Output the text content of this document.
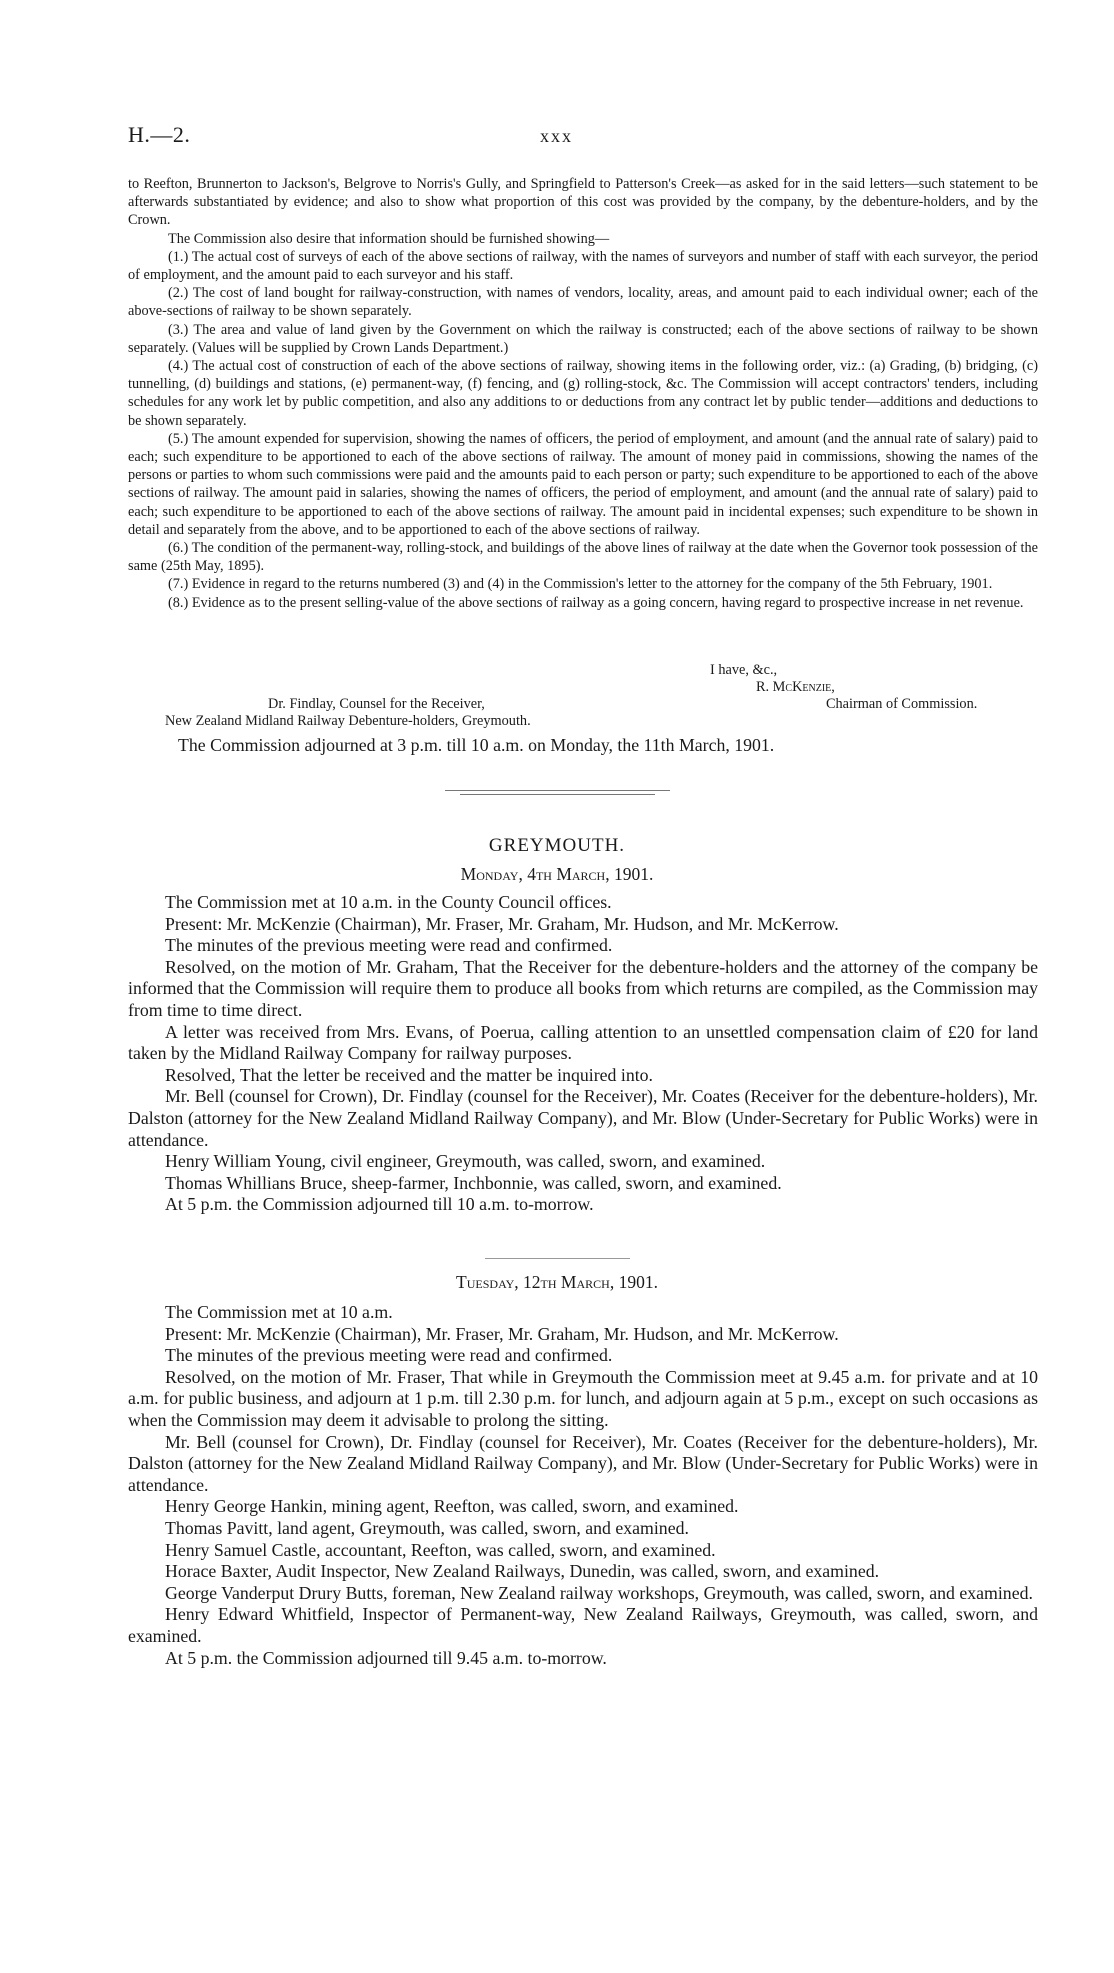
H.—2.	xxx

to Reefton, Brunnerton to Jackson's, Belgrove to Norris's Gully, and Springfield to Patterson's Creek—as asked for in the said letters—such statement to be afterwards substantiated by evidence; and also to show what proportion of this cost was provided by the company, by the debenture-holders, and by the Crown.

The Commission also desire that information should be furnished showing—

(1.) The actual cost of surveys of each of the above sections of railway, with the names of surveyors and number of staff with each surveyor, the period of employment, and the amount paid to each surveyor and his staff.

(2.) The cost of land bought for railway-construction, with names of vendors, locality, areas, and amount paid to each individual owner; each of the above-sections of railway to be shown separately.

(3.) The area and value of land given by the Government on which the railway is constructed; each of the above sections of railway to be shown separately. (Values will be supplied by Crown Lands Department.)

(4.) The actual cost of construction of each of the above sections of railway, showing items in the following order, viz.: (a) Grading, (b) bridging, (c) tunnelling, (d) buildings and stations, (e) permanent-way, (f) fencing, and (g) rolling-stock, &c. The Commission will accept contractors' tenders, including schedules for any work let by public competition, and also any additions to or deductions from any contract let by public tender—additions and deductions to be shown separately.

(5.) The amount expended for supervision, showing the names of officers, the period of employment, and amount (and the annual rate of salary) paid to each; such expenditure to be apportioned to each of the above sections of railway. The amount of money paid in commissions, showing the names of the persons or parties to whom such commissions were paid and the amounts paid to each person or party; such expenditure to be apportioned to each of the above sections of railway. The amount paid in salaries, showing the names of officers, the period of employment, and amount (and the annual rate of salary) paid to each; such expenditure to be apportioned to each of the above sections of railway. The amount paid in incidental expenses; such expenditure to be shown in detail and separately from the above, and to be apportioned to each of the above sections of railway.

(6.) The condition of the permanent-way, rolling-stock, and buildings of the above lines of railway at the date when the Governor took possession of the same (25th May, 1895).

(7.) Evidence in regard to the returns numbered (3) and (4) in the Commission's letter to the attorney for the company of the 5th February, 1901.

(8.) Evidence as to the present selling-value of the above sections of railway as a going concern, having regard to prospective increase in net revenue.

I have, &c.,
R. McKenzie,
Dr. Findlay, Counsel for the Receiver,	Chairman of Commission.
New Zealand Midland Railway Debenture-holders, Greymouth.
The Commission adjourned at 3 p.m. till 10 a.m. on Monday, the 11th March, 1901.
GREYMOUTH.
Monday, 4th March, 1901.

The Commission met at 10 a.m. in the County Council offices.

Present: Mr. McKenzie (Chairman), Mr. Fraser, Mr. Graham, Mr. Hudson, and Mr. McKerrow.

The minutes of the previous meeting were read and confirmed.

Resolved, on the motion of Mr. Graham, That the Receiver for the debenture-holders and the attorney of the company be informed that the Commission will require them to produce all books from which returns are compiled, as the Commission may from time to time direct.

A letter was received from Mrs. Evans, of Poerua, calling attention to an unsettled compensation claim of £20 for land taken by the Midland Railway Company for railway purposes.

Resolved, That the letter be received and the matter be inquired into.

Mr. Bell (counsel for Crown), Dr. Findlay (counsel for the Receiver), Mr. Coates (Receiver for the debenture-holders), Mr. Dalston (attorney for the New Zealand Midland Railway Company), and Mr. Blow (Under-Secretary for Public Works) were in attendance.

Henry William Young, civil engineer, Greymouth, was called, sworn, and examined.

Thomas Whillians Bruce, sheep-farmer, Inchbonnie, was called, sworn, and examined.

At 5 p.m. the Commission adjourned till 10 a.m. to-morrow.

Tuesday, 12th March, 1901.

The Commission met at 10 a.m.

Present: Mr. McKenzie (Chairman), Mr. Fraser, Mr. Graham, Mr. Hudson, and Mr. McKerrow.

The minutes of the previous meeting were read and confirmed.

Resolved, on the motion of Mr. Fraser, That while in Greymouth the Commission meet at 9.45 a.m. for private and at 10 a.m. for public business, and adjourn at 1 p.m. till 2.30 p.m. for lunch, and adjourn again at 5 p.m., except on such occasions as when the Commission may deem it advisable to prolong the sitting.

Mr. Bell (counsel for Crown), Dr. Findlay (counsel for Receiver), Mr. Coates (Receiver for the debenture-holders), Mr. Dalston (attorney for the New Zealand Midland Railway Company), and Mr. Blow (Under-Secretary for Public Works) were in attendance.

Henry George Hankin, mining agent, Reefton, was called, sworn, and examined.

Thomas Pavitt, land agent, Greymouth, was called, sworn, and examined.

Henry Samuel Castle, accountant, Reefton, was called, sworn, and examined.

Horace Baxter, Audit Inspector, New Zealand Railways, Dunedin, was called, sworn, and examined.

George Vanderput Drury Butts, foreman, New Zealand railway workshops, Greymouth, was called, sworn, and examined.

Henry Edward Whitfield, Inspector of Permanent-way, New Zealand Railways, Greymouth, was called, sworn, and examined.

At 5 p.m. the Commission adjourned till 9.45 a.m. to-morrow.
